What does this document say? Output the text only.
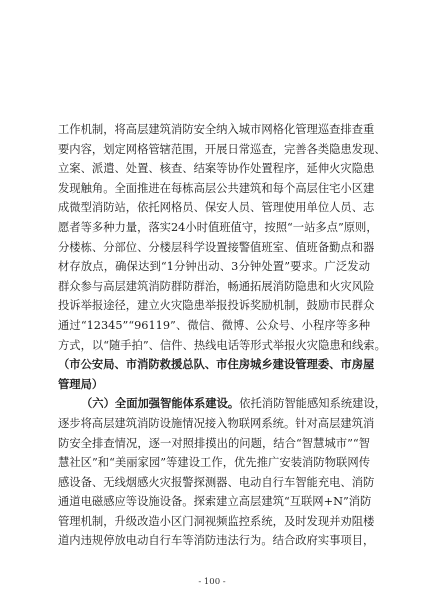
工作机制，将高层建筑消防安全纳入城市网格化管理巡查排查重
要内容，划定网格管辖范围，开展日常巡查，完善各类隐患发现、
立案、派遣、处置、核查、结案等协作处置程序，延伸火灾隐患
发现触角。全面推进在每栋高层公共建筑和每个高层住宅小区建
成微型消防站，依托网格员、保安人员、管理使用单位人员、志
愿者等多种力量，落实24小时值班值守，按照“一站多点”原则，
分楼栋、分部位、分楼层科学设置接警值班室、值班备勤点和器
材存放点，确保达到“1分钟出动、3分钟处置”要求。广泛发动
群众参与高层建筑消防群防群治，畅通拓展消防隐患和火灾风险
投诉举报途径，建立火灾隐患举报投诉奖励机制，鼓励市民群众
通过“12345”“96119”、微信、微博、公众号、小程序等多种
方式，以“随手拍”、信件、热线电话等形式举报火灾隐患和线索。
（市公安局、市消防救援总队、市住房城乡建设管理委、市房屋
管理局）
（六）全面加强智能体系建设。依托消防智能感知系统建设，
逐步将高层建筑消防设施情况接入物联网系统。针对高层建筑消
防安全排查情况，逐一对照排摸出的问题，结合“智慧城市”“智
慧社区”和“美丽家园”等建设工作，优先推广安装消防物联网传
感设备、无线烟感火灾报警探测器、电动自行车智能充电、消防
通道电磁感应等设施设备。探索建立高层建筑“互联网+N”消防
管理机制，升级改造小区门洞视频监控系统，及时发现并劝阻楼
道内违规停放电动自行车等消防违法行为。结合政府实事项目，
- 100 -
